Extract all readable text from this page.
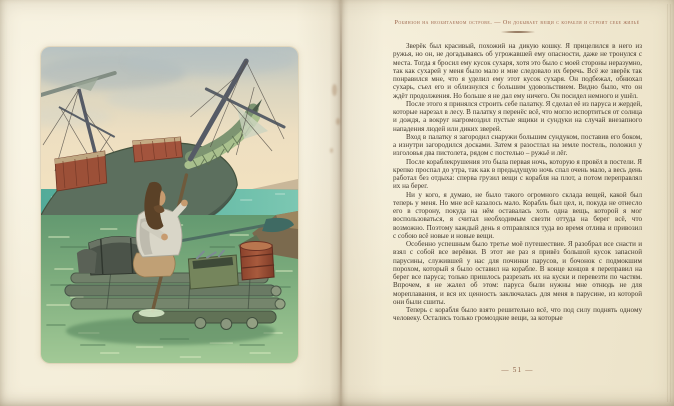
Робинзон на необитаемом острове. — Он добывает вещи с корабля и строит себе жильё

Зверёк был красивый, похожий на дикую кошку. Я прицелился в него из ружья, но он, не догадываясь об угрожавшей ему опасности, даже не тронулся с места. Тогда я бросил ему кусок сухаря, хотя это было с моей стороны неразумно, так как сухарей у меня было мало и мне следовало их беречь. Всё же зверёк так понравился мне, что я уделил ему этот кусок сухаря. Он подбежал, обнюхал сухарь, съел его и облизнулся с большим удовольствием. Видно было, что он ждёт продолжения. Но больше я не дал ему ничего. Он посидел немного и ушёл.

После этого я принялся строить себе палатку. Я сделал её из паруса и жердей, которые нарезал в лесу. В палатку я перенёс всё, что могло испортиться от солнца и дождя, а вокруг нагромоздил пустые ящики и сундуки на случай внезапного нападения людей или диких зверей.

Вход в палатку я загородил снаружи большим сундуком, поставив его боком, а изнутри загородился досками. Затем я разостлал на земле постель, положил у изголовья два пистолета, рядом с постелью – ружьё и лёг.

После кораблекрушения это была первая ночь, которую я провёл в постели. Я крепко проспал до утра, так как в предыдущую ночь спал очень мало, а весь день работал без отдыха: сперва грузил вещи с корабля на плот, а потом переправлял их на берег.

Ни у кого, я думаю, не было такого огромного склада вещей, какой был теперь у меня. Но мне всё казалось мало. Корабль был цел, и, покуда не отнесло его в сторону, покуда на нём оставалась хоть одна вещь, которой я мог воспользоваться, я считал необходимым свезти оттуда на берег всё, что возможно. Поэтому каждый день я отправлялся туда во время отлива и привозил с собою всё новые и новые вещи.

Особенно успешным было третье моё путешествие. Я разобрал все снасти и взял с собой все верёвки. В этот же раз я привёз большой кусок запасной парусины, служившей у нас для починки парусов, и бочонок с подмокшим порохом, который я было оставил на корабле. В конце концов я переправил на берег все паруса; только пришлось разрезать их на куски и перевезти по частям. Впрочем, я не жалел об этом: паруса были нужны мне отнюдь не для мореплавания, и вся их ценность заключалась для меня в парусине, из которой они были сшиты.

Теперь с корабля было взято решительно всё, что под силу поднять одному человеку. Остались только громоздкие вещи, за которые

— 51 —
